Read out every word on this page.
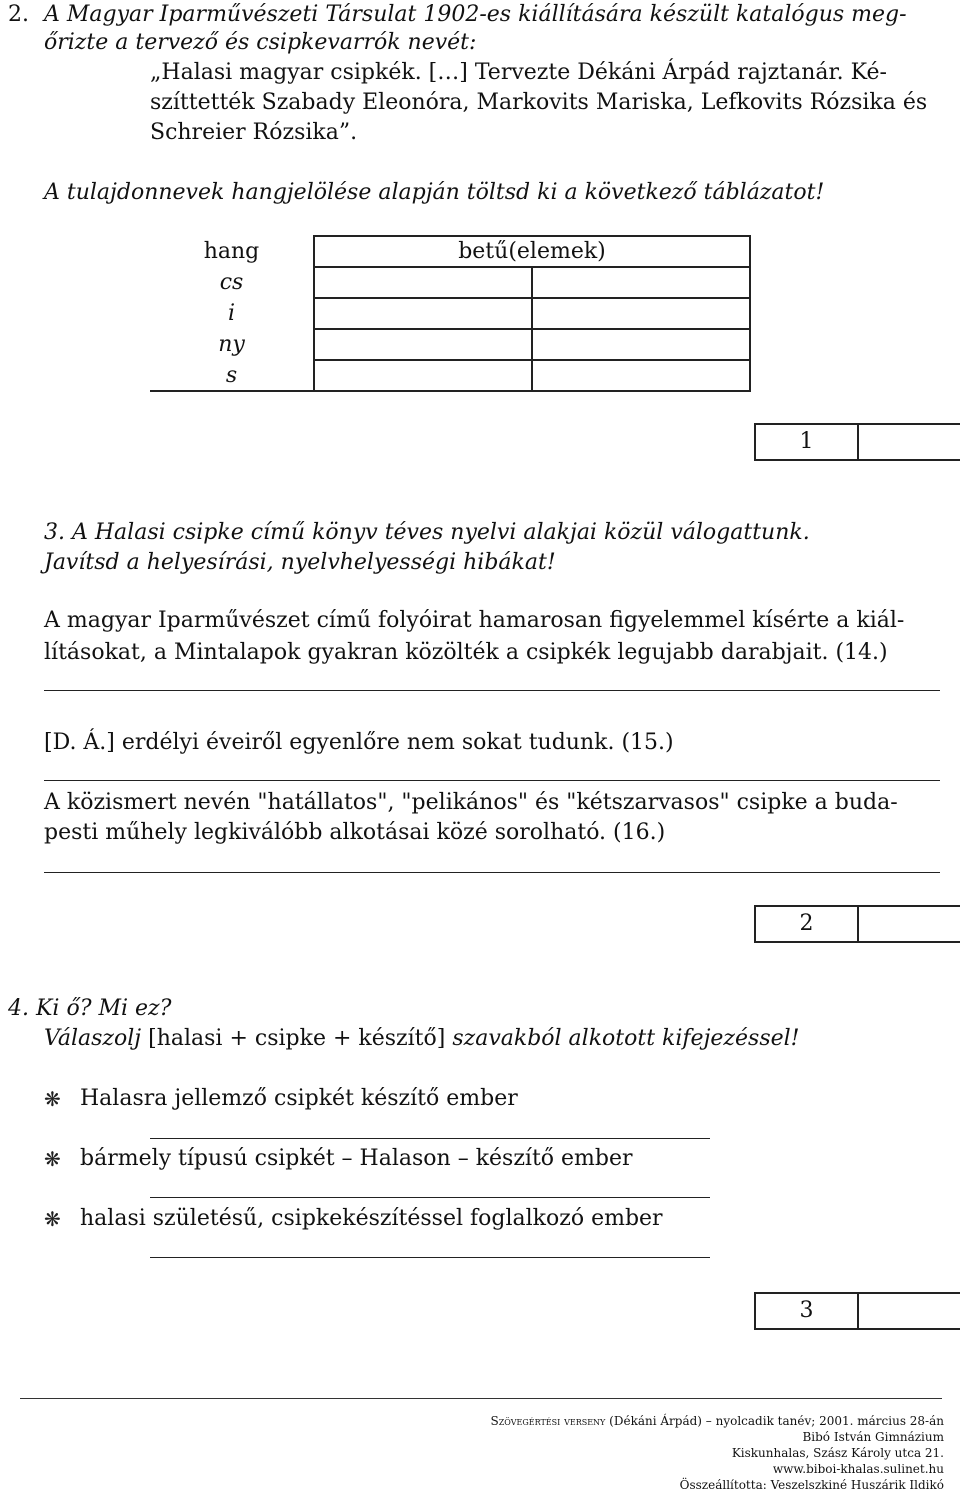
2. A Magyar Iparművészeti Társulat 1902-es kiállítására készült katalógus meg-
őrizte a tervező és csipkevarrók nevét:
„Halasi magyar csipkék. […] Tervezte Dékáni Árpád rajztanár. Ké-
szíttették Szabady Eleonóra, Markovits Mariska, Lefkovits Rózsika és
Schreier Rózsika”.
A tulajdonnevek hangjelölése alapján töltsd ki a következő táblázatot!
hang	betű(elemek)	
cs		
i		
ny		
s		
1
3. A Halasi csipke című könyv téves nyelvi alakjai közül válogattunk.
Javítsd a helyesírási, nyelvhelyességi hibákat!
A magyar Iparművészet című folyóirat hamarosan figyelemmel kísérte a kiál-
lításokat, a Mintalapok gyakran közölték a csipkék legujabb darabjait. (14.)
[D. Á.] erdélyi éveiről egyenlőre nem sokat tudunk. (15.)
A közismert nevén "hatállatos", "pelikános" és "kétszarvasos" csipke a buda-
pesti műhely legkiválóbb alkotásai közé sorolható. (16.)
2
4. Ki ő? Mi ez?
Válaszolj [halasi + csipke + készítő] szavakból alkotott kifejezéssel!
❋ Halasra jellemző csipkét készítő ember
❋ bármely típusú csipkét – Halason – készítő ember
❋ halasi születésű, csipkekészítéssel foglalkozó ember
3
Szövegértési verseny (Dékáni Árpád) – nyolcadik tanév; 2001. március 28-án
Bibó István Gimnázium
Kiskunhalas, Szász Károly utca 21.
www.biboi-khalas.sulinet.hu
Összeállította: Veszelszkiné Huszárik Ildikó
